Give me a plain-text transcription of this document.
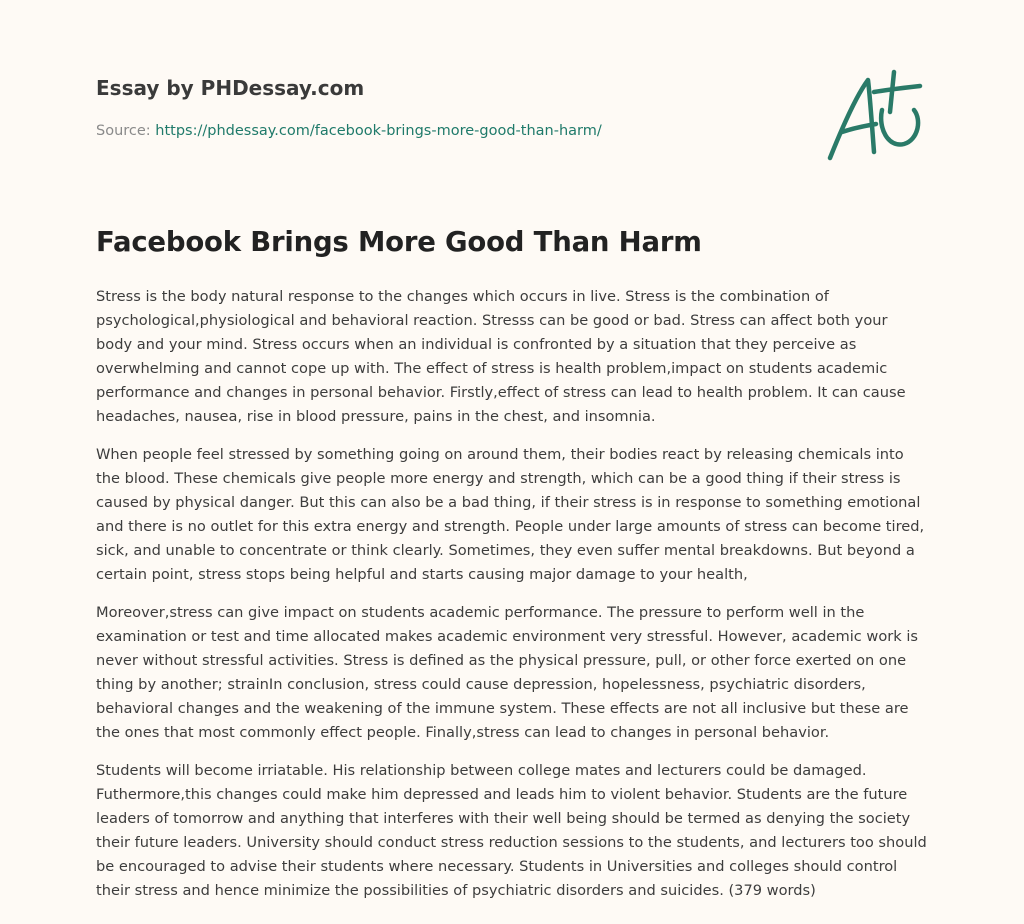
Essay by PHDessay.com
Source: https://phdessay.com/facebook-brings-more-good-than-harm/
Facebook Brings More Good Than Harm

Stress is the body natural response to the changes which occurs in live. Stress is the combination of psychological,physiological and behavioral reaction. Stresss can be good or bad. Stress can affect both your body and your mind. Stress occurs when an individual is confronted by a situation that they perceive as overwhelming and cannot cope up with. The effect of stress is health problem,impact on students academic performance and changes in personal behavior. Firstly,effect of stress can lead to health problem. It can cause headaches, nausea, rise in blood pressure, pains in the chest, and insomnia.

When people feel stressed by something going on around them, their bodies react by releasing chemicals into the blood. These chemicals give people more energy and strength, which can be a good thing if their stress is caused by physical danger. But this can also be a bad thing, if their stress is in response to something emotional and there is no outlet for this extra energy and strength. People under large amounts of stress can become tired, sick, and unable to concentrate or think clearly. Sometimes, they even suffer mental breakdowns. But beyond a certain point, stress stops being helpful and starts causing major damage to your health,

Moreover,stress can give impact on students academic performance. The pressure to perform well in the examination or test and time allocated makes academic environment very stressful. However, academic work is never without stressful activities. Stress is defined as the physical pressure, pull, or other force exerted on one thing by another; strainIn conclusion, stress could cause depression, hopelessness, psychiatric disorders, behavioral changes and the weakening of the immune system. These effects are not all inclusive but these are the ones that most commonly effect people. Finally,stress can lead to changes in personal behavior.

Students will become irriatable. His relationship between college mates and lecturers could be damaged. Futhermore,this changes could make him depressed and leads him to violent behavior. Students are the future leaders of tomorrow and anything that interferes with their well being should be termed as denying the society their future leaders. University should conduct stress reduction sessions to the students, and lecturers too should be encouraged to advise their students where necessary. Students in Universities and colleges should control their stress and hence minimize the possibilities of psychiatric disorders and suicides. (379 words)
